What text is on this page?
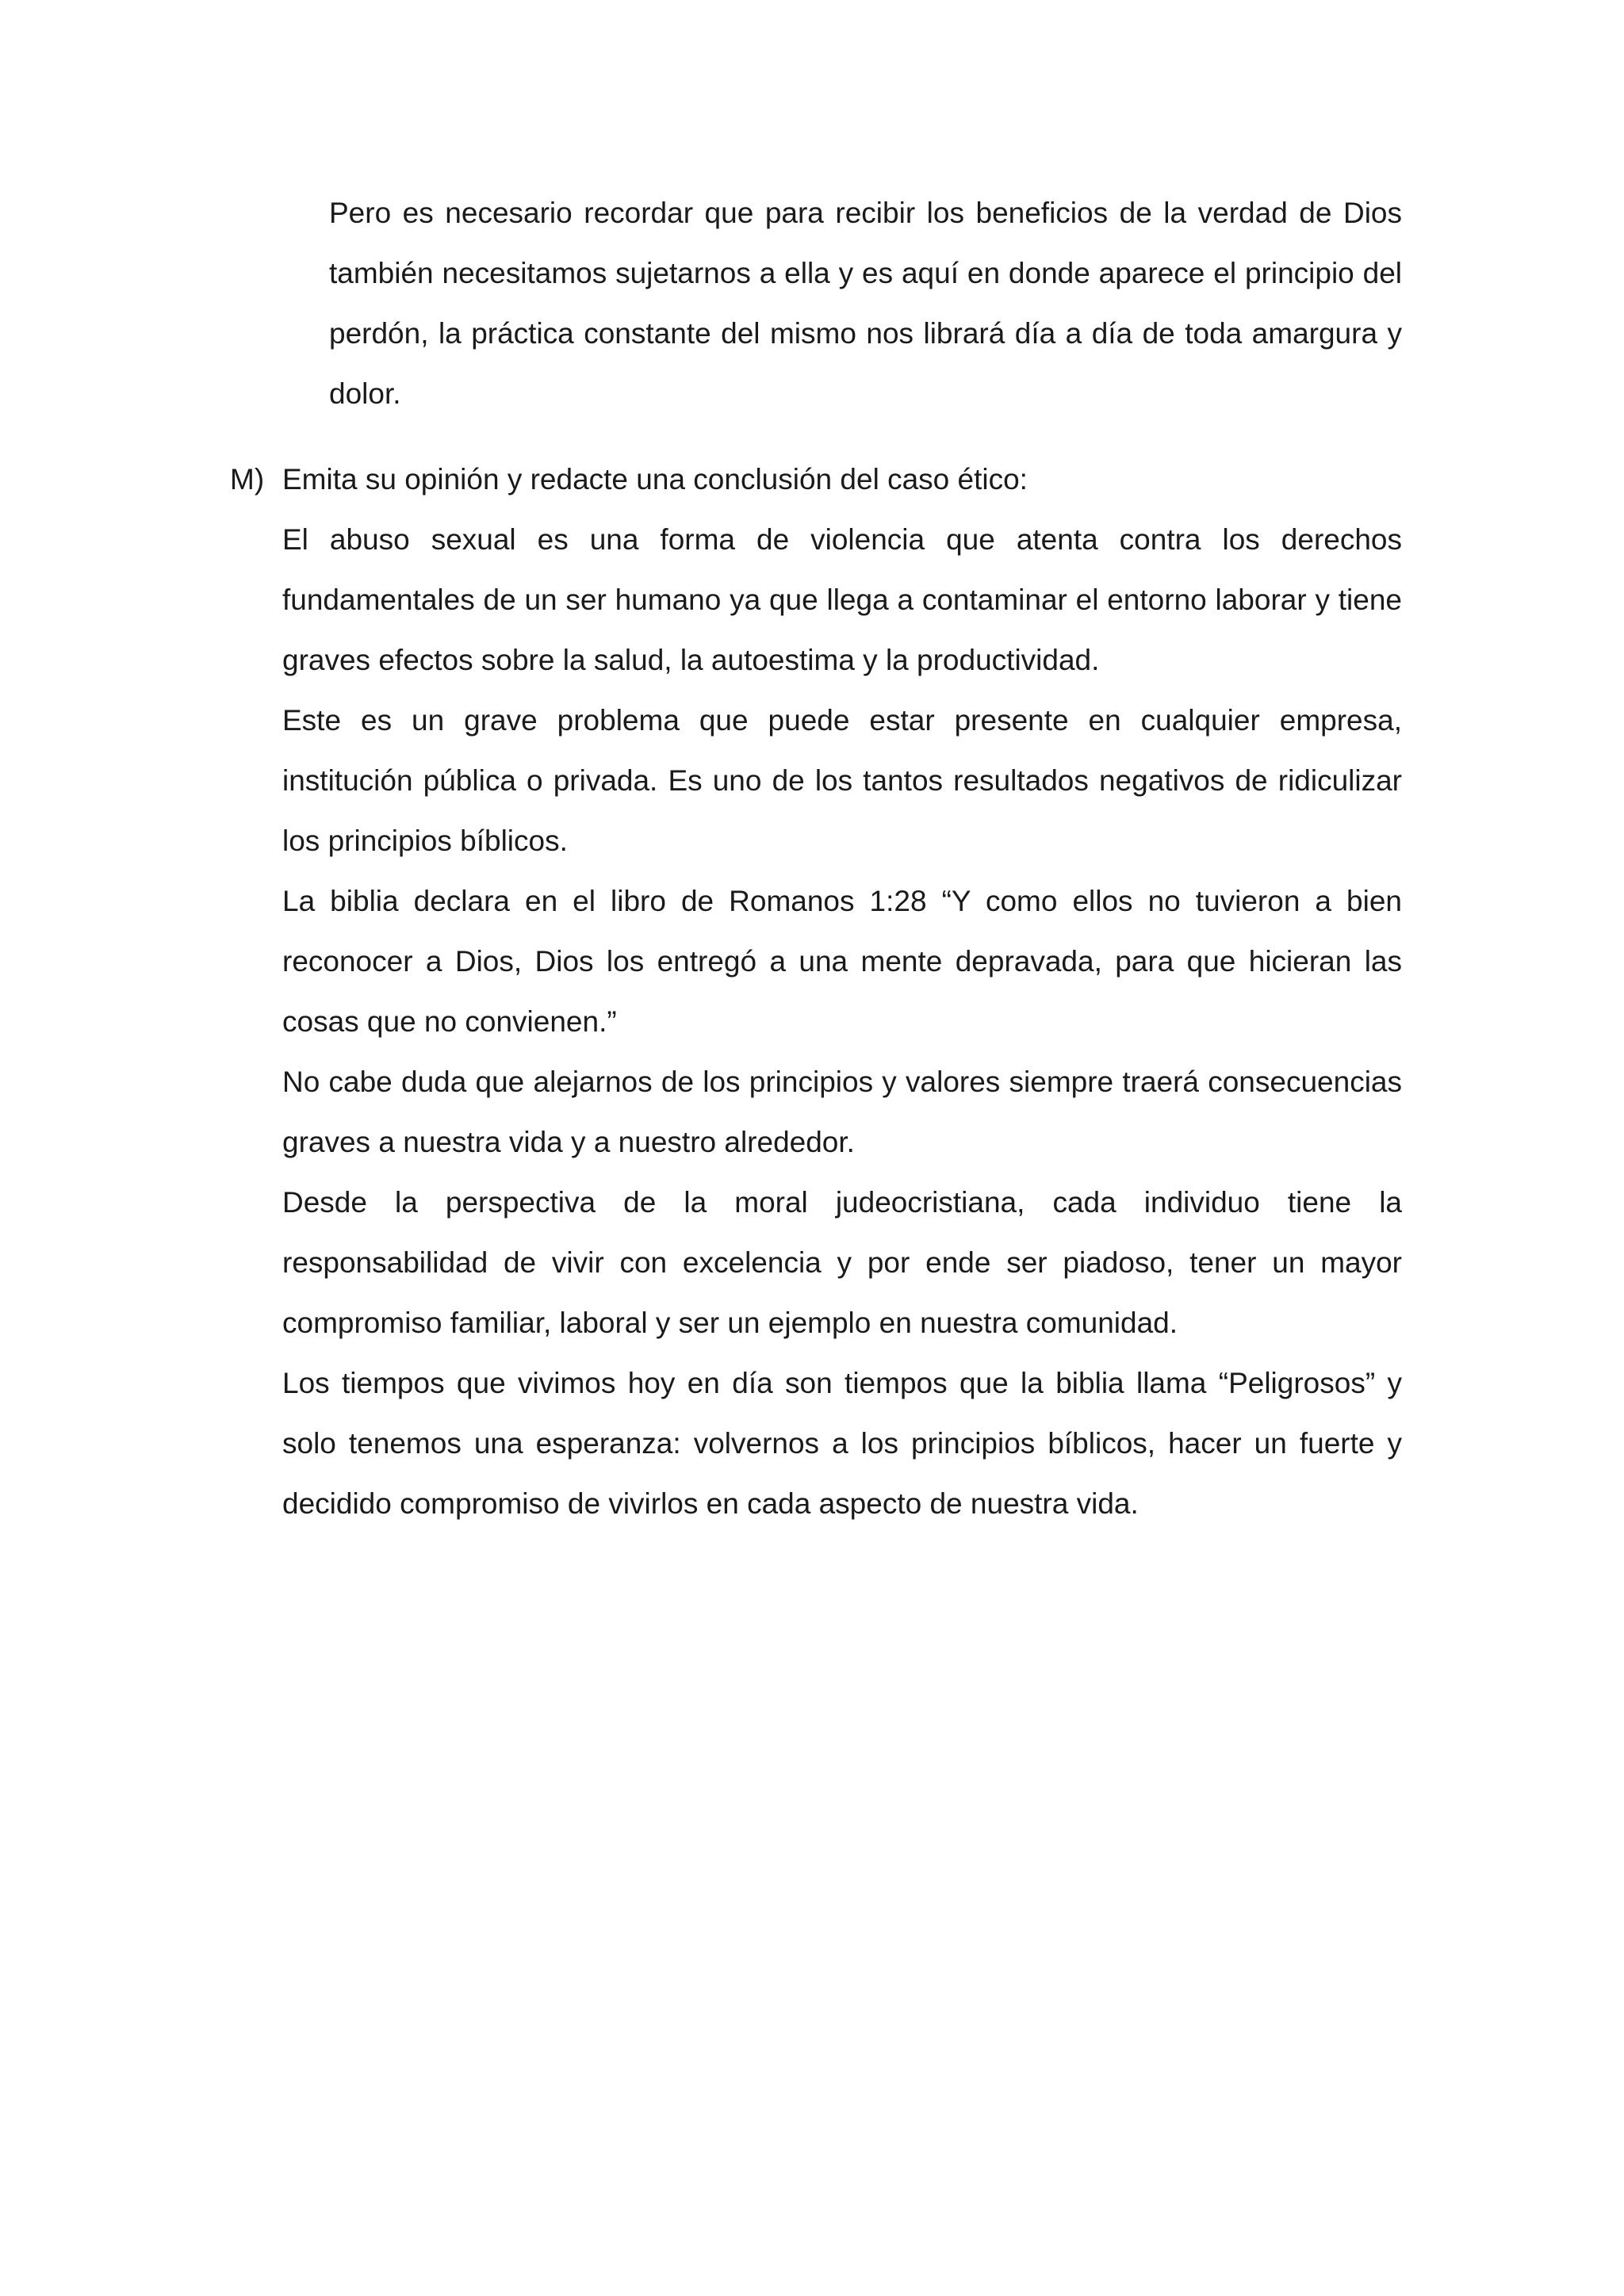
Pero es necesario recordar que para recibir los beneficios de la verdad de Dios también necesitamos sujetarnos a ella y es aquí en donde aparece el principio del perdón, la práctica constante del mismo nos librará día a día de toda amargura y dolor.

M) Emita su opinión y redacte una conclusión del caso ético:

El abuso sexual es una forma de violencia que atenta contra los derechos fundamentales de un ser humano ya que llega a contaminar el entorno laborar y tiene graves efectos sobre la salud, la autoestima y la productividad.

Este es un grave problema que puede estar presente en cualquier empresa, institución pública o privada. Es uno de los tantos resultados negativos de ridiculizar los principios bíblicos.

La biblia declara en el libro de Romanos 1:28 “Y como ellos no tuvieron a bien reconocer a Dios, Dios los entregó a una mente depravada, para que hicieran las cosas que no convienen.”

No cabe duda que alejarnos de los principios y valores siempre traerá consecuencias graves a nuestra vida y a nuestro alrededor.

Desde la perspectiva de la moral judeocristiana, cada individuo tiene la responsabilidad de vivir con excelencia y por ende ser piadoso, tener un mayor compromiso familiar, laboral y ser un ejemplo en nuestra comunidad.

Los tiempos que vivimos hoy en día son tiempos que la biblia llama “Peligrosos” y solo tenemos una esperanza: volvernos a los principios bíblicos, hacer un fuerte y decidido compromiso de vivirlos en cada aspecto de nuestra vida.
